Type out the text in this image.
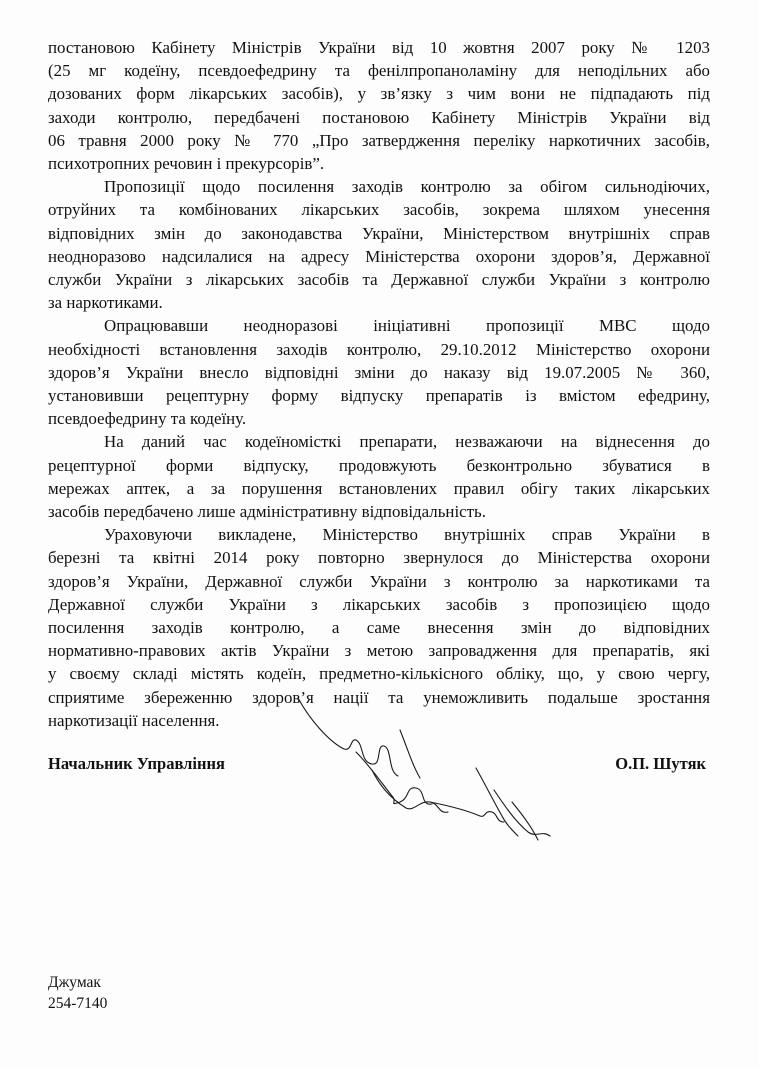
постановою Кабінету Міністрів України від 10 жовтня 2007 року № 1203
(25 мг кодеїну, псевдоефедрину та фенілпропаноламіну для неподільних або
дозованих форм лікарських засобів), у зв’язку з чим вони не підпадають під
заходи контролю, передбачені постановою Кабінету Міністрів України від
06 травня 2000 року № 770 „Про затвердження переліку наркотичних засобів,
психотропних речовин і прекурсорів”.

Пропозиції щодо посилення заходів контролю за обігом сильнодіючих,
отруйних та комбінованих лікарських засобів, зокрема шляхом унесення
відповідних змін до законодавства України, Міністерством внутрішніх справ
неодноразово надсилалися на адресу Міністерства охорони здоров’я, Державної
служби України з лікарських засобів та Державної служби України з контролю
за наркотиками.

Опрацювавши неодноразові ініціативні пропозиції МВС щодо
необхідності встановлення заходів контролю, 29.10.2012 Міністерство охорони
здоров’я України внесло відповідні зміни до наказу від 19.07.2005 № 360,
установивши рецептурну форму відпуску препаратів із вмістом ефедрину,
псевдоефедрину та кодеїну.

На даний час кодеїномісткі препарати, незважаючи на віднесення до
рецептурної форми відпуску, продовжують безконтрольно збуватися в
мережах аптек, а за порушення встановлених правил обігу таких лікарських
засобів передбачено лише адміністративну відповідальність.

Ураховуючи викладене, Міністерство внутрішніх справ України в
березні та квітні 2014 року повторно звернулося до Міністерства охорони
здоров’я України, Державної служби України з контролю за наркотиками та
Державної служби України з лікарських засобів з пропозицією щодо
посилення заходів контролю, а саме внесення змін до відповідних
нормативно-правових актів України з метою запровадження для препаратів, які
у своєму складі містять кодеїн, предметно-кількісного обліку, що, у свою чергу,
сприятиме збереженню здоров’я нації та унеможливить подальше зростання
наркотизації населення.

Начальник Управління	О.П. Шутяк
Джумак
254-7140
